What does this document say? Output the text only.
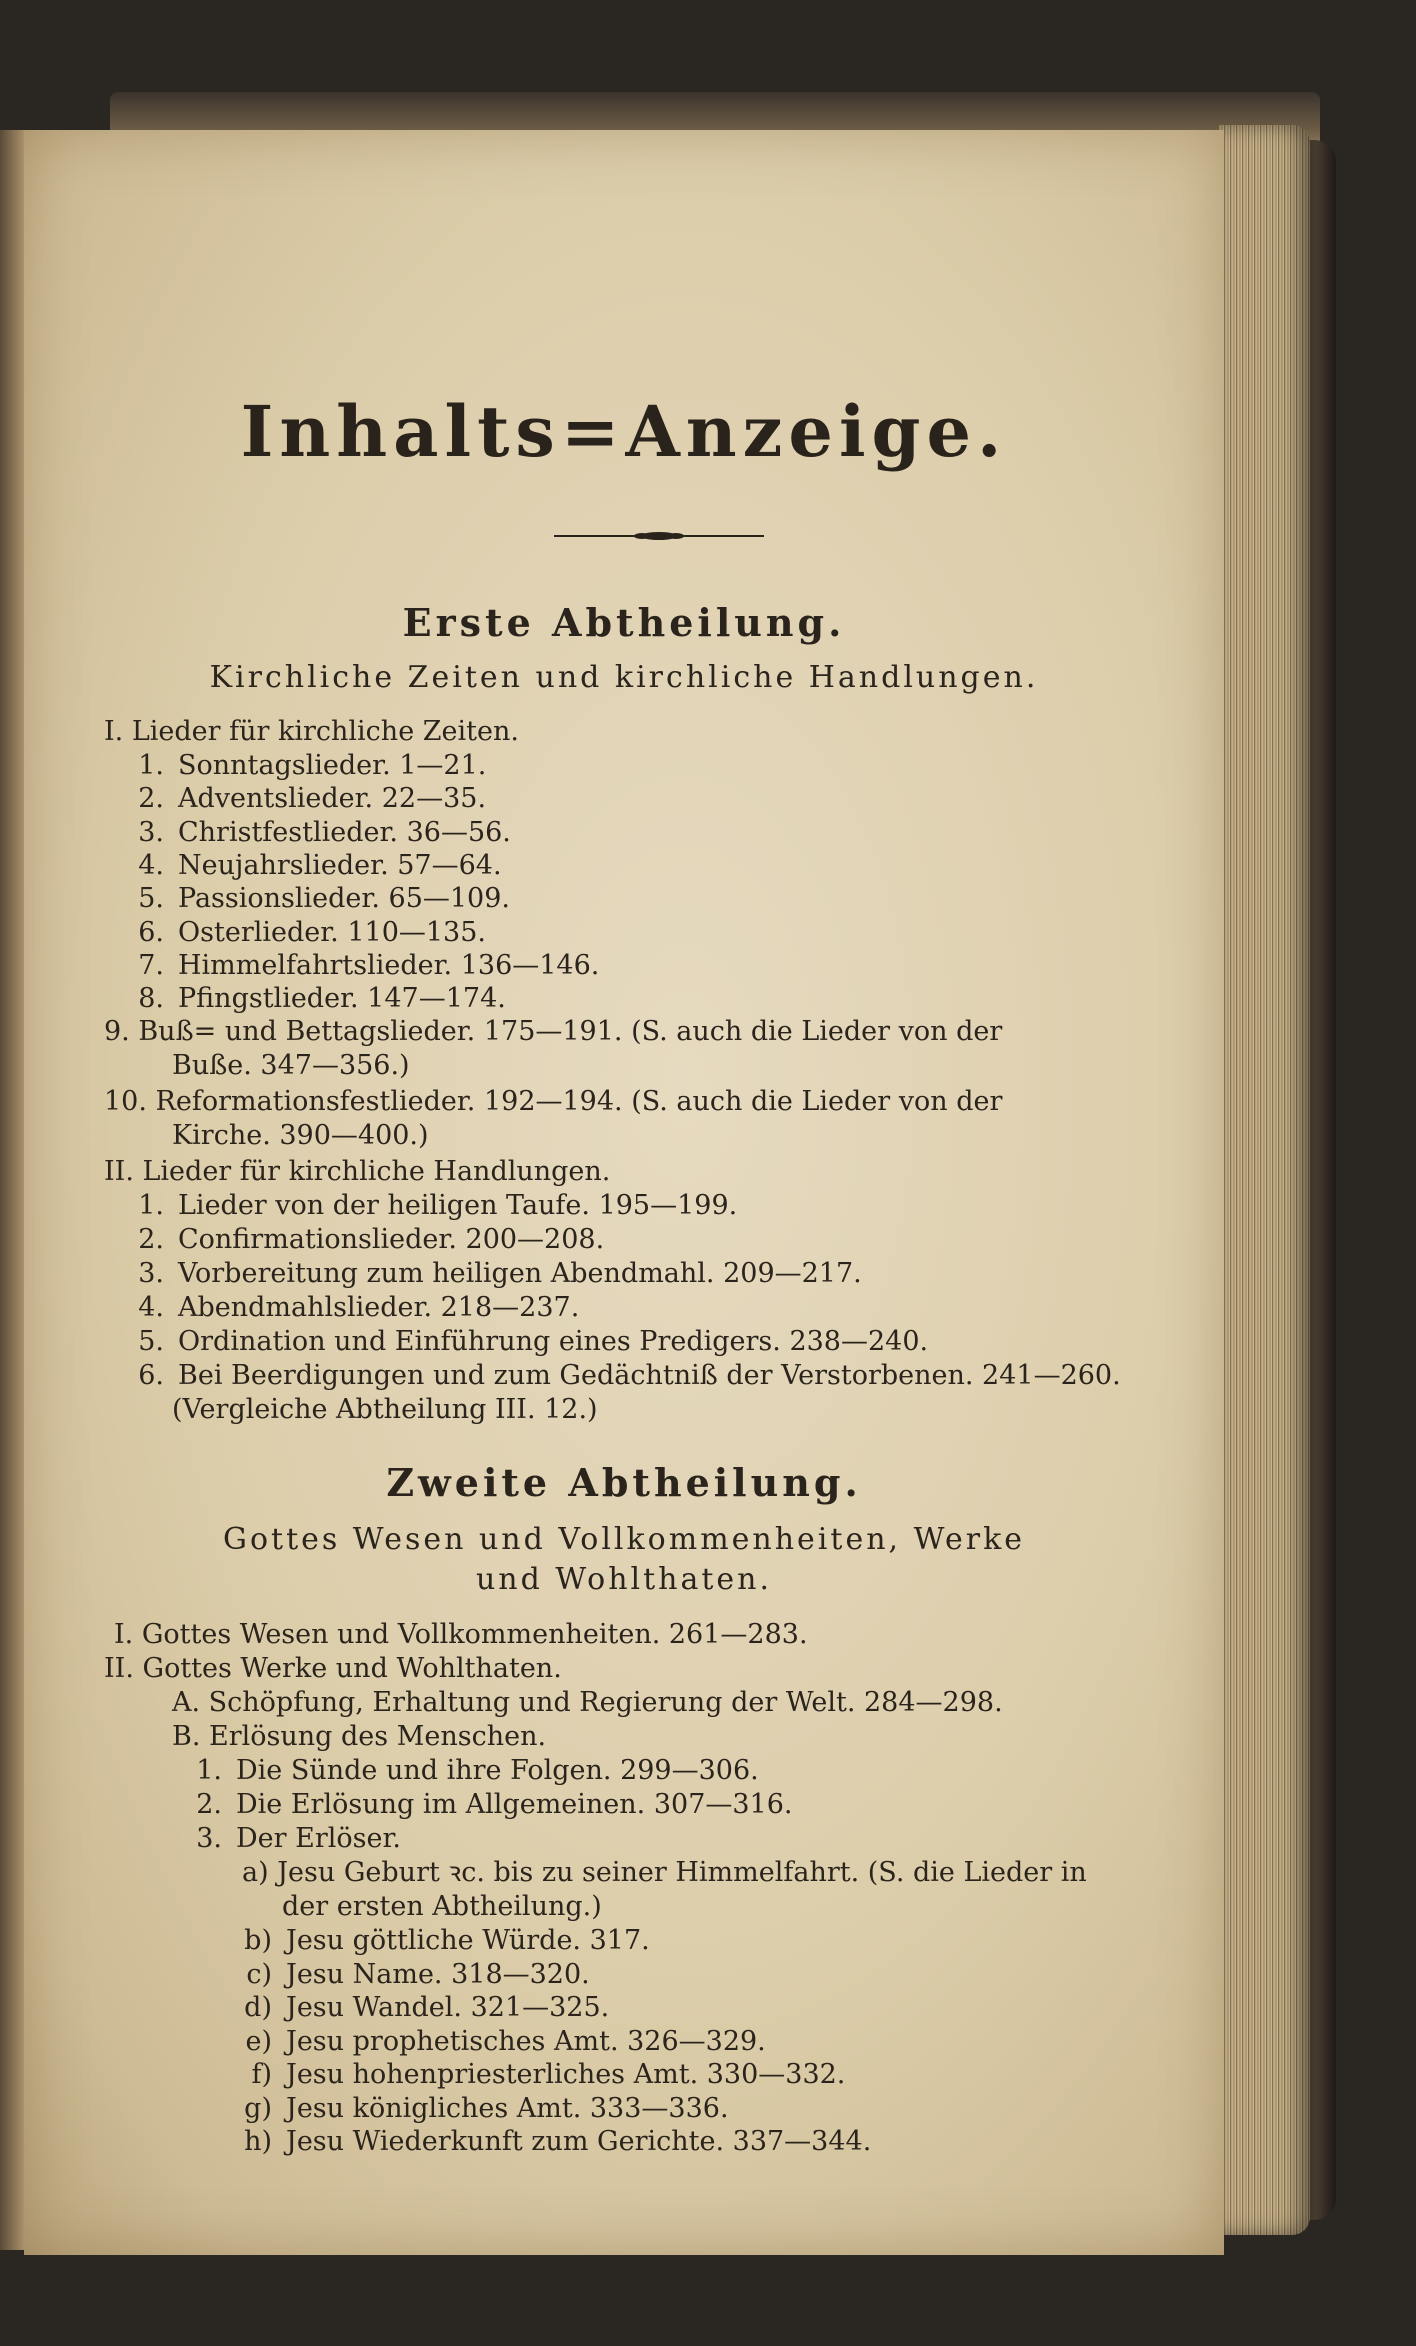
Inhalts=Anzeige.
Erste Abtheilung.
Kirchliche Zeiten und kirchliche Handlungen.
I. Lieder für kirchliche Zeiten.
1. Sonntagslieder. 1—21.
2. Adventslieder. 22—35.
3. Christfestlieder. 36—56.
4. Neujahrslieder. 57—64.
5. Passionslieder. 65—109.
6. Osterlieder. 110—135.
7. Himmelfahrtslieder. 136—146.
8. Pfingstlieder. 147—174.
9. Buß= und Bettagslieder. 175—191. (S. auch die Lieder von der
Buße. 347—356.)
10. Reformationsfestlieder. 192—194. (S. auch die Lieder von der
Kirche. 390—400.)
II. Lieder für kirchliche Handlungen.
1. Lieder von der heiligen Taufe. 195—199.
2. Confirmationslieder. 200—208.
3. Vorbereitung zum heiligen Abendmahl. 209—217.
4. Abendmahlslieder. 218—237.
5. Ordination und Einführung eines Predigers. 238—240.
6. Bei Beerdigungen und zum Gedächtniß der Verstorbenen. 241—260.
(Vergleiche Abtheilung III. 12.)
Zweite Abtheilung.
Gottes Wesen und Vollkommenheiten, Werke
und Wohlthaten.
I. Gottes Wesen und Vollkommenheiten. 261—283.
II. Gottes Werke und Wohlthaten.
A. Schöpfung, Erhaltung und Regierung der Welt. 284—298.
B. Erlösung des Menschen.
1. Die Sünde und ihre Folgen. 299—306.
2. Die Erlösung im Allgemeinen. 307—316.
3. Der Erlöser.
a) Jesu Geburt ꝛc. bis zu seiner Himmelfahrt. (S. die Lieder in
der ersten Abtheilung.)
b) Jesu göttliche Würde. 317.
c) Jesu Name. 318—320.
d) Jesu Wandel. 321—325.
e) Jesu prophetisches Amt. 326—329.
f) Jesu hohenpriesterliches Amt. 330—332.
g) Jesu königliches Amt. 333—336.
h) Jesu Wiederkunft zum Gerichte. 337—344.
